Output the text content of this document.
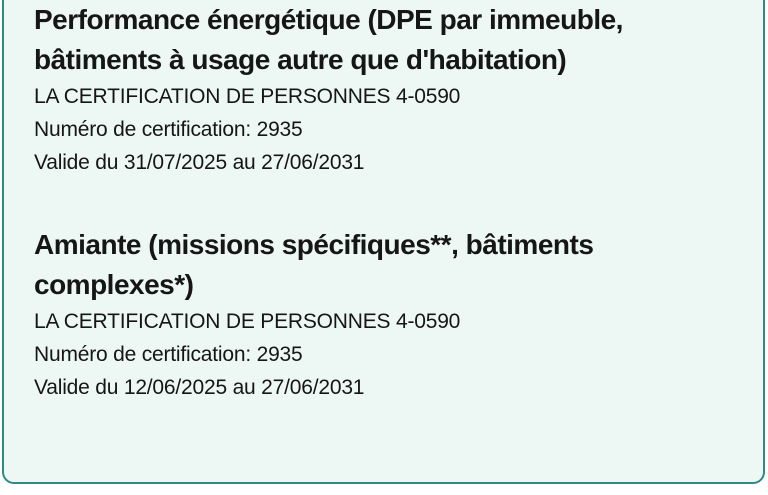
Performance énergétique (DPE par immeuble,
bâtiments à usage autre que d'habitation)

LA CERTIFICATION DE PERSONNES 4-0590

Numéro de certification: 2935

Valide du 31/07/2025 au 27/06/2031

Amiante (missions spécifiques**, bâtiments
complexes*)

LA CERTIFICATION DE PERSONNES 4-0590

Numéro de certification: 2935

Valide du 12/06/2025 au 27/06/2031
